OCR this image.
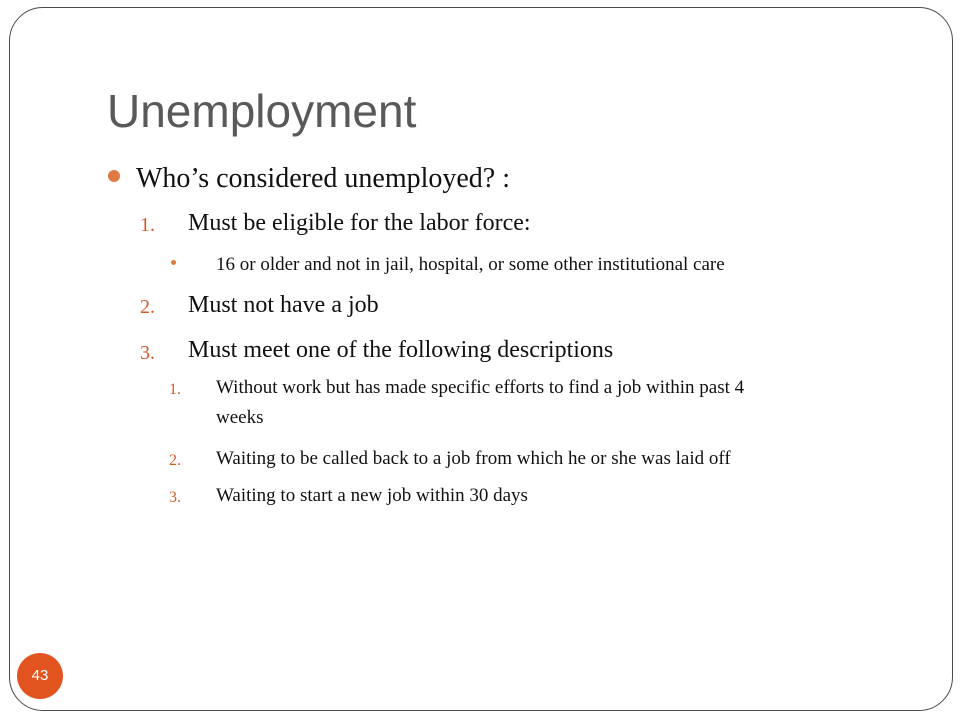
Unemployment
Who’s considered unemployed? :
1. Must be eligible for the labor force:
16 or older and not in jail, hospital, or some other institutional care
2. Must not have a job
3. Must meet one of the following descriptions
1. Without work but has made specific efforts to find a job within past 4
weeks
2. Waiting to be called back to a job from which he or she was laid off
3. Waiting to start a new job within 30 days
43
